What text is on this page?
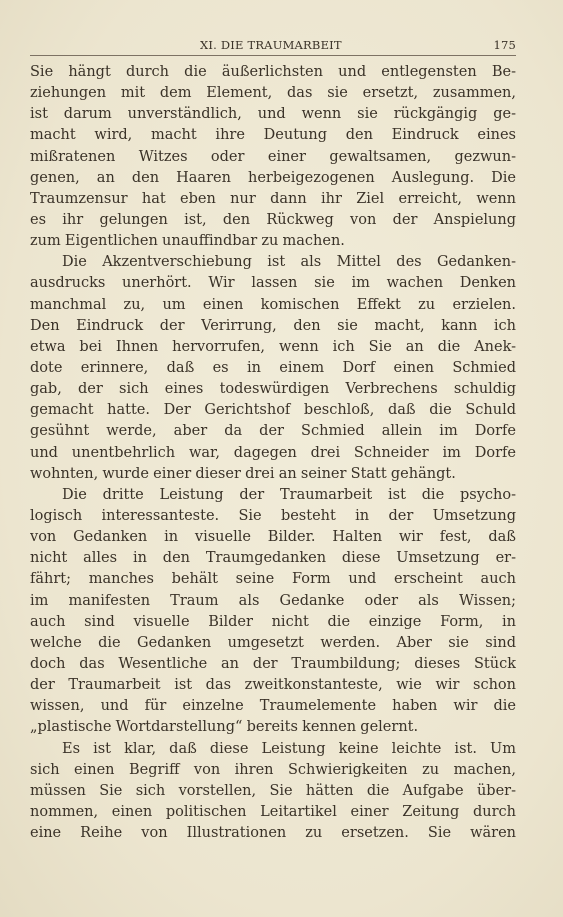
XI. DIE TRAUMARBEIT	175
Sie hängt durch die äußerlichsten und entlegensten Be-
ziehungen mit dem Element, das sie ersetzt, zusammen,
ist darum unverständlich, und wenn sie rückgängig ge-
macht wird, macht ihre Deutung den Eindruck eines
mißratenen Witzes oder einer gewaltsamen, gezwun-
genen, an den Haaren herbeigezogenen Auslegung. Die
Traumzensur hat eben nur dann ihr Ziel erreicht, wenn
es ihr gelungen ist, den Rückweg von der Anspielung
zum Eigentlichen unauffindbar zu machen.
Die Akzentverschiebung ist als Mittel des Gedanken-
ausdrucks unerhört. Wir lassen sie im wachen Denken
manchmal zu, um einen komischen Effekt zu erzielen.
Den Eindruck der Verirrung, den sie macht, kann ich
etwa bei Ihnen hervorrufen, wenn ich Sie an die Anek-
dote erinnere, daß es in einem Dorf einen Schmied
gab, der sich eines todeswürdigen Verbrechens schuldig
gemacht hatte. Der Gerichtshof beschloß, daß die Schuld
gesühnt werde, aber da der Schmied allein im Dorfe
und unentbehrlich war, dagegen drei Schneider im Dorfe
wohnten, wurde einer dieser drei an seiner Statt gehängt.
Die dritte Leistung der Traumarbeit ist die psycho-
logisch interessanteste. Sie besteht in der Umsetzung
von Gedanken in visuelle Bilder. Halten wir fest, daß
nicht alles in den Traumgedanken diese Umsetzung er-
fährt; manches behält seine Form und erscheint auch
im manifesten Traum als Gedanke oder als Wissen;
auch sind visuelle Bilder nicht die einzige Form, in
welche die Gedanken umgesetzt werden. Aber sie sind
doch das Wesentliche an der Traumbildung; dieses Stück
der Traumarbeit ist das zweitkonstanteste, wie wir schon
wissen, und für einzelne Traumelemente haben wir die
„plastische Wortdarstellung“ bereits kennen gelernt.
Es ist klar, daß diese Leistung keine leichte ist. Um
sich einen Begriff von ihren Schwierigkeiten zu machen,
müssen Sie sich vorstellen, Sie hätten die Aufgabe über-
nommen, einen politischen Leitartikel einer Zeitung durch
eine Reihe von Illustrationen zu ersetzen. Sie wären
